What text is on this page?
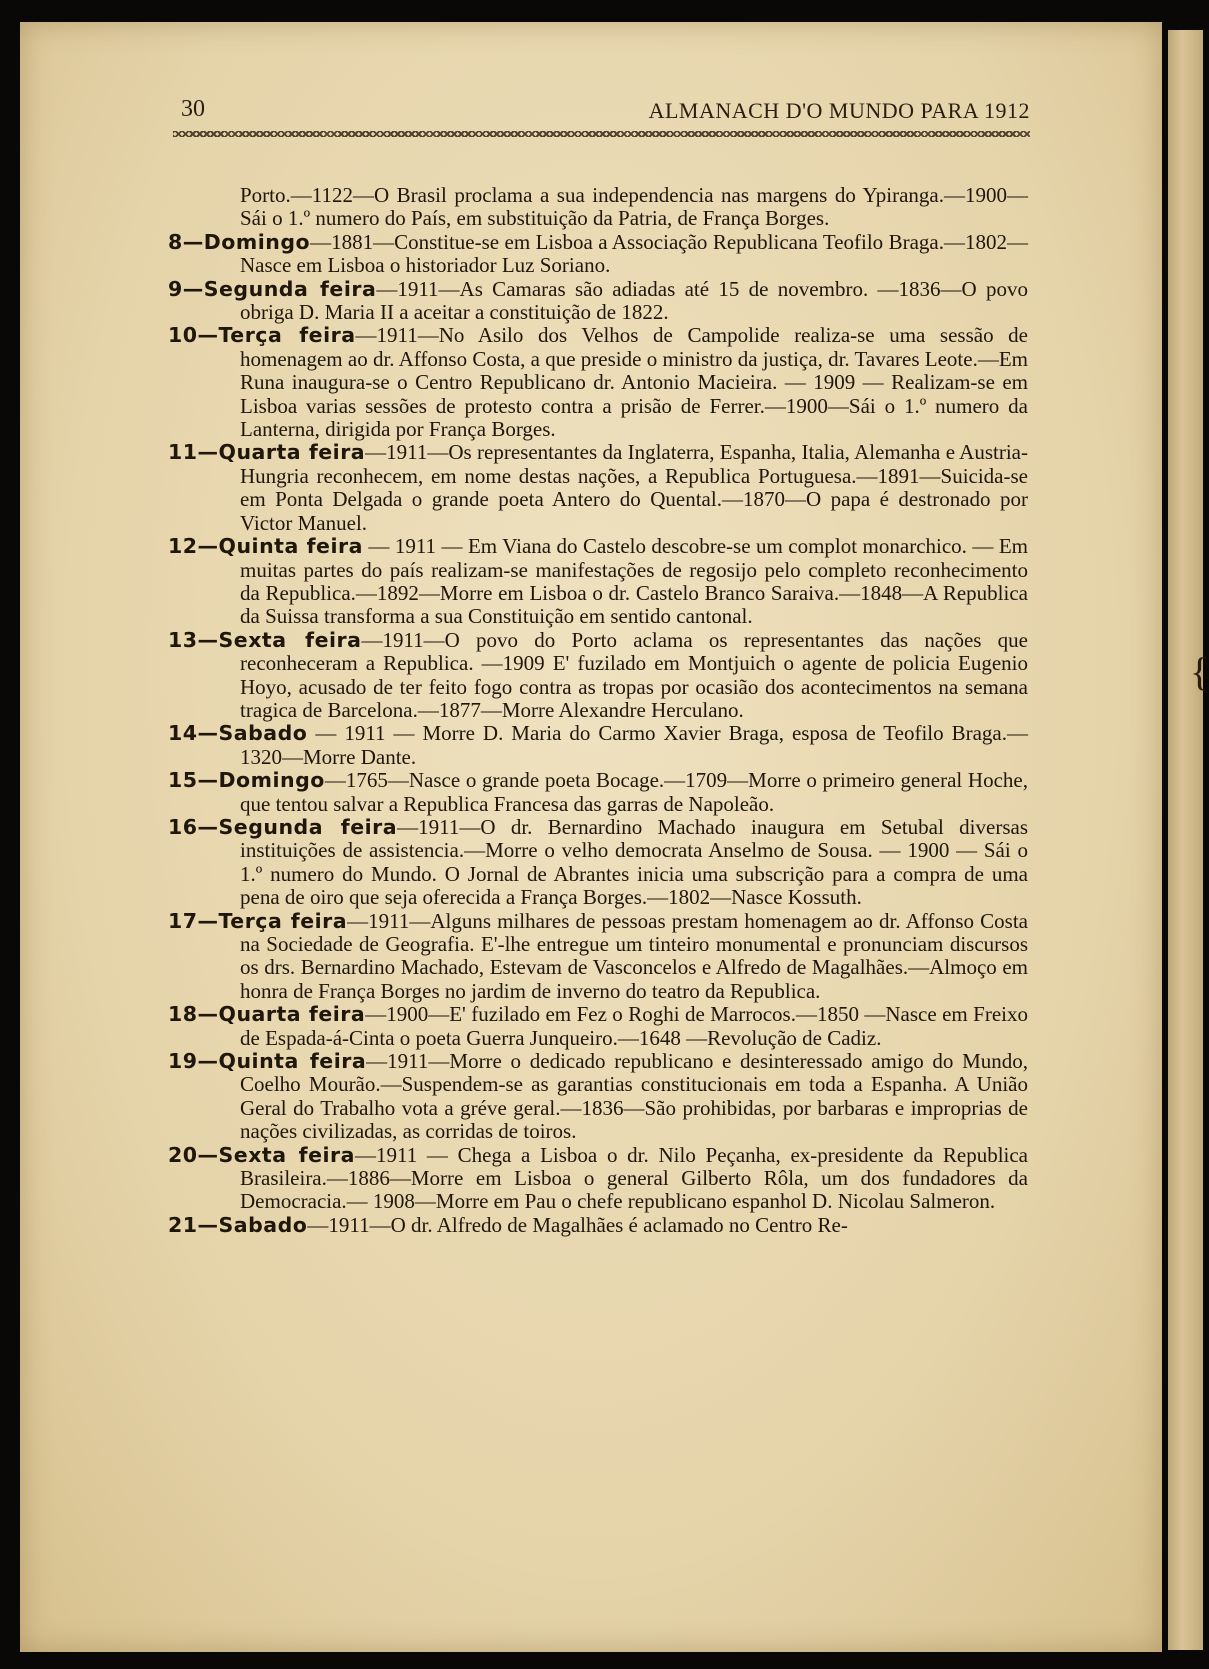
{
30	ALMANACH D'O MUNDO PARA 1912

Porto.—1122—O Brasil proclama a sua independencia nas margens do Ypiranga.—1900—Sái o 1.º numero do País, em substituição da Patria, de França Borges.

8—Domingo—1881—Constitue-se em Lisboa a Associação Republicana Teofilo Braga.—1802—Nasce em Lisboa o historiador Luz Soriano.

9—Segunda feira—1911—As Camaras são adiadas até 15 de novembro. —1836—O povo obriga D. Maria II a aceitar a constituição de 1822.

10—Terça feira—1911—No Asilo dos Velhos de Campolide realiza-se uma sessão de homenagem ao dr. Affonso Costa, a que preside o ministro da justiça, dr. Tavares Leote.—Em Runa inaugura-se o Centro Republicano dr. Antonio Macieira. — 1909 — Realizam-se em Lisboa varias sessões de protesto contra a prisão de Ferrer.—1900—Sái o 1.º numero da Lanterna, dirigida por França Borges.

11—Quarta feira—1911—Os representantes da Inglaterra, Espanha, Italia, Alemanha e Austria-Hungria reconhecem, em nome destas nações, a Republica Portuguesa.—1891—Suicida-se em Ponta Delgada o grande poeta Antero do Quental.—1870—O papa é destronado por Victor Manuel.

12—Quinta feira — 1911 — Em Viana do Castelo descobre-se um complot monarchico. — Em muitas partes do país realizam-se manifestações de regosijo pelo completo reconhecimento da Republica.—1892—Morre em Lisboa o dr. Castelo Branco Saraiva.—1848—A Republica da Suissa transforma a sua Constituição em sentido cantonal.

13—Sexta feira—1911—O povo do Porto aclama os representantes das nações que reconheceram a Republica. —1909 E' fuzilado em Montjuich o agente de policia Eugenio Hoyo, acusado de ter feito fogo contra as tropas por ocasião dos acontecimentos na semana tragica de Barcelona.—1877—Morre Alexandre Herculano.

14—Sabado — 1911 — Morre D. Maria do Carmo Xavier Braga, esposa de Teofilo Braga.—1320—Morre Dante.

15—Domingo—1765—Nasce o grande poeta Bocage.—1709—Morre o primeiro general Hoche, que tentou salvar a Republica Francesa das garras de Napoleão.

16—Segunda feira—1911—O dr. Bernardino Machado inaugura em Setubal diversas instituições de assistencia.—Morre o velho democrata Anselmo de Sousa. — 1900 — Sái o 1.º numero do Mundo. O Jornal de Abrantes inicia uma subscrição para a compra de uma pena de oiro que seja oferecida a França Borges.—1802—Nasce Kossuth.

17—Terça feira—1911—Alguns milhares de pessoas prestam homenagem ao dr. Affonso Costa na Sociedade de Geografia. E'-lhe entregue um tinteiro monumental e pronunciam discursos os drs. Bernardino Machado, Estevam de Vasconcelos e Alfredo de Magalhães.—Almoço em honra de França Borges no jardim de inverno do teatro da Republica.

18—Quarta feira—1900—E' fuzilado em Fez o Roghi de Marrocos.—1850 —Nasce em Freixo de Espada-á-Cinta o poeta Guerra Junqueiro.—1648 —Revolução de Cadiz.

19—Quinta feira—1911—Morre o dedicado republicano e desinteressado amigo do Mundo, Coelho Mourão.—Suspendem-se as garantias constitucionais em toda a Espanha. A União Geral do Trabalho vota a gréve geral.—1836—São prohibidas, por barbaras e improprias de nações civilizadas, as corridas de toiros.

20—Sexta feira—1911 — Chega a Lisboa o dr. Nilo Peçanha, ex-presidente da Republica Brasileira.—1886—Morre em Lisboa o general Gilberto Rôla, um dos fundadores da Democracia.— 1908—Morre em Pau o chefe republicano espanhol D. Nicolau Salmeron.

21—Sabado—1911—O dr. Alfredo de Magalhães é aclamado no Centro Re-
